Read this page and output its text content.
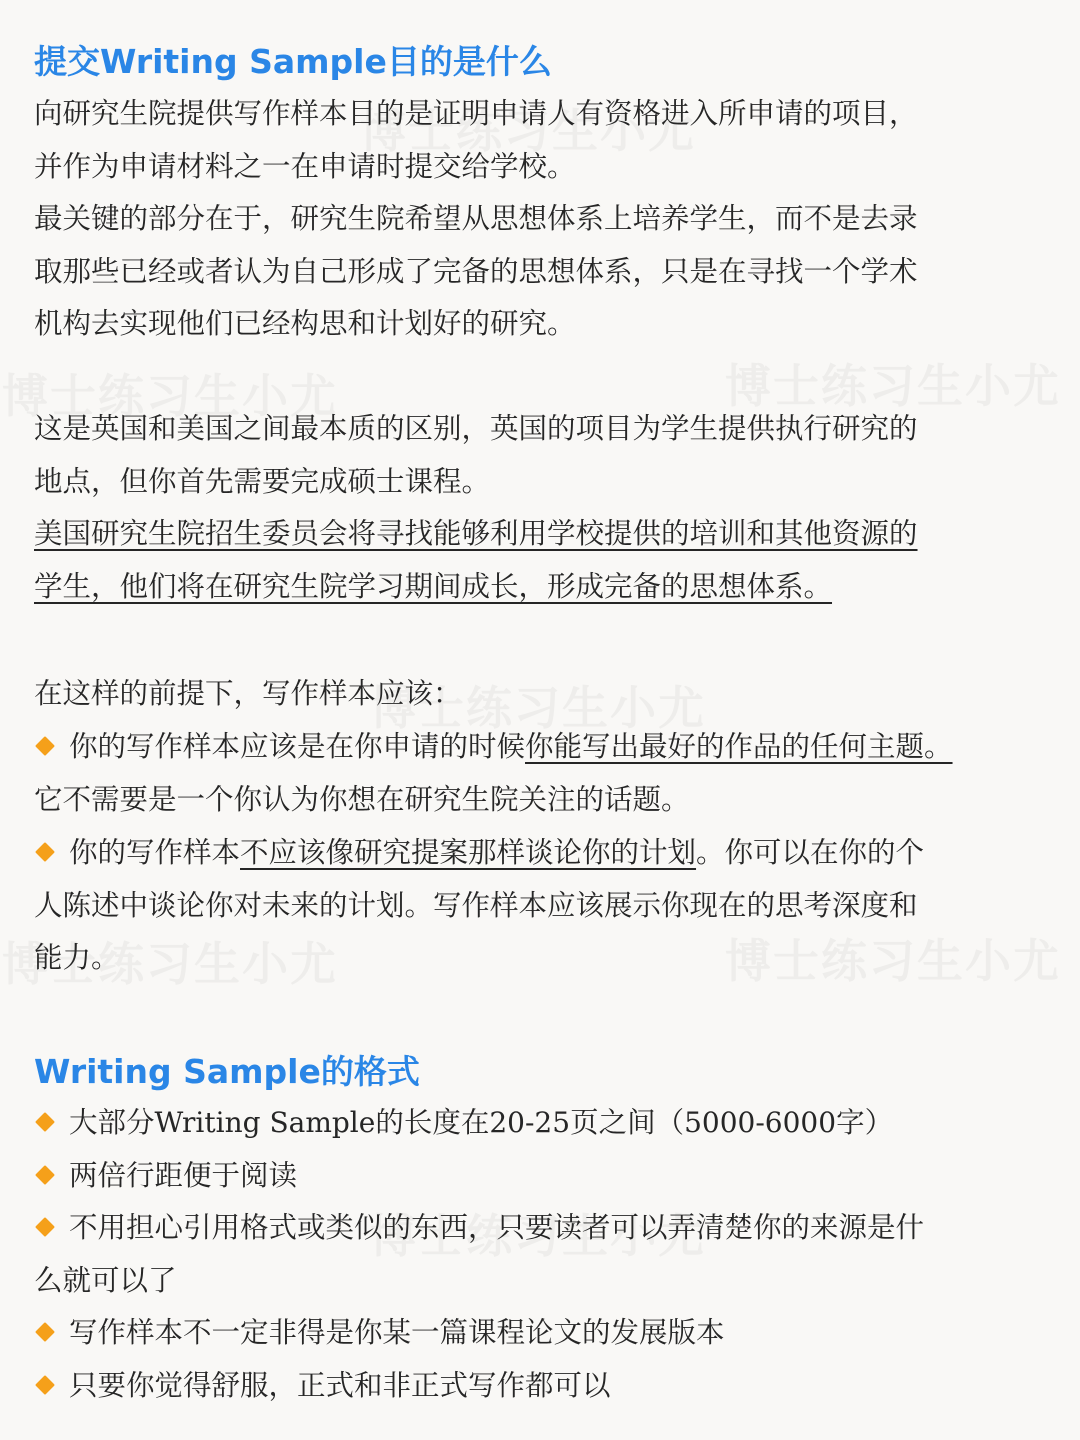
提交Writing Sample目的是什么
向研究生院提供写作样本目的是证明申请人有资格进入所申请的项目，
并作为申请材料之一在申请时提交给学校。
最关键的部分在于，研究生院希望从思想体系上培养学生，而不是去录
取那些已经或者认为自己形成了完备的思想体系，只是在寻找一个学术
机构去实现他们已经构思和计划好的研究。
这是英国和美国之间最本质的区别，英国的项目为学生提供执行研究的
地点，但你首先需要完成硕士课程。
美国研究生院招生委员会将寻找能够利用学校提供的培训和其他资源的
学生，他们将在研究生院学习期间成长，形成完备的思想体系。
在这样的前提下，写作样本应该：
你的写作样本应该是在你申请的时候你能写出最好的作品的任何主题。
它不需要是一个你认为你想在研究生院关注的话题。
你的写作样本不应该像研究提案那样谈论你的计划。你可以在你的个
人陈述中谈论你对未来的计划。写作样本应该展示你现在的思考深度和
能力。
Writing Sample的格式
大部分Writing Sample的长度在20-25页之间（5000-6000字）
两倍行距便于阅读
不用担心引用格式或类似的东西，只要读者可以弄清楚你的来源是什
么就可以了
写作样本不一定非得是你某一篇课程论文的发展版本
只要你觉得舒服，正式和非正式写作都可以
